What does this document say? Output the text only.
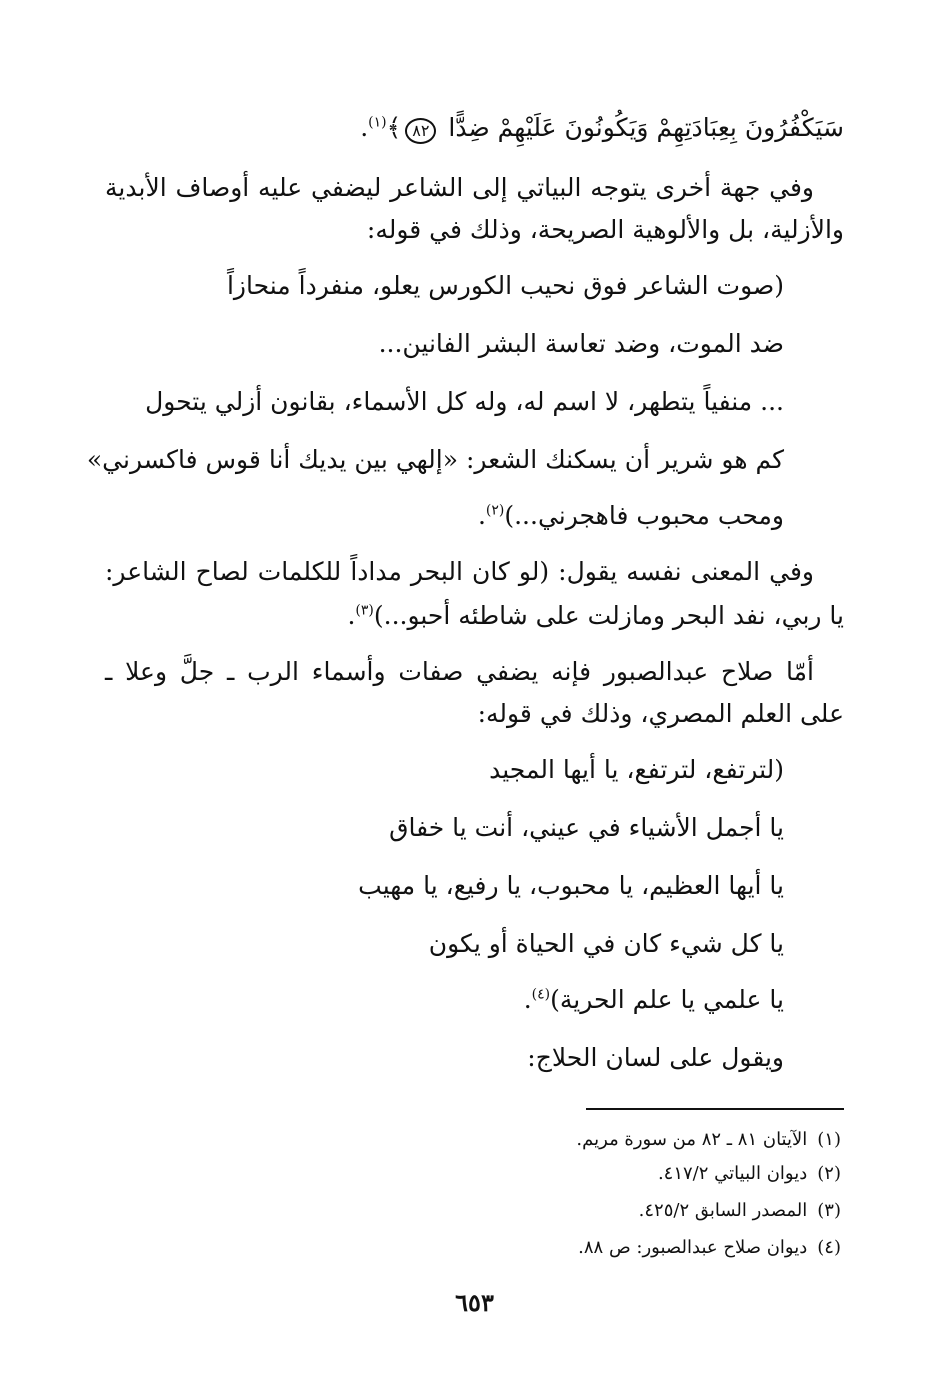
سَيَكْفُرُونَ بِعِبَادَتِهِمْ وَيَكُونُونَ عَلَيْهِمْ ضِدًّا ٨٢﴾$^{(١)}$.
وفي جهة أخرى يتوجه البياتي إلى الشاعر ليضفي عليه أوصاف الأبدية
والأزلية، بل والألوهية الصريحة، وذلك في قوله:
(صوت الشاعر فوق نحيب الكورس يعلو، منفرداً منحازاً
ضد الموت، وضد تعاسة البشر الفانين...
... منفياً يتطهر، لا اسم له، وله كل الأسماء، بقانون أزلي يتحول
كم هو شرير أن يسكنك الشعر: «إلهي بين يديك أنا قوس فاكسرني»
ومحب محبوب فاهجرني...)$^{(٢)}$.
وفي المعنى نفسه يقول: (لو كان البحر مداداً للكلمات لصاح الشاعر:
يا ربي، نفد البحر ومازلت على شاطئه أحبو...)$^{(٣)}$.
أمّا صلاح عبدالصبور فإنه يضفي صفات وأسماء الرب ـ جلَّ وعلا ـ
على العلم المصري، وذلك في قوله:
(لترتفع، لترتفع، يا أيها المجيد
يا أجمل الأشياء في عيني، أنت يا خفاق
يا أيها العظيم، يا محبوب، يا رفيع، يا مهيب
يا كل شيء كان في الحياة أو يكون
يا علمي يا علم الحرية)$^{(٤)}$.
ويقول على لسان الحلاج:
(١)الآيتان ٨١ ـ ٨٢ من سورة مريم.
(٢)ديوان البياتي ٤١٧/٢.
(٣)المصدر السابق ٤٢٥/٢.
(٤)ديوان صلاح عبدالصبور: ص ٨٨.
٦٥٣
